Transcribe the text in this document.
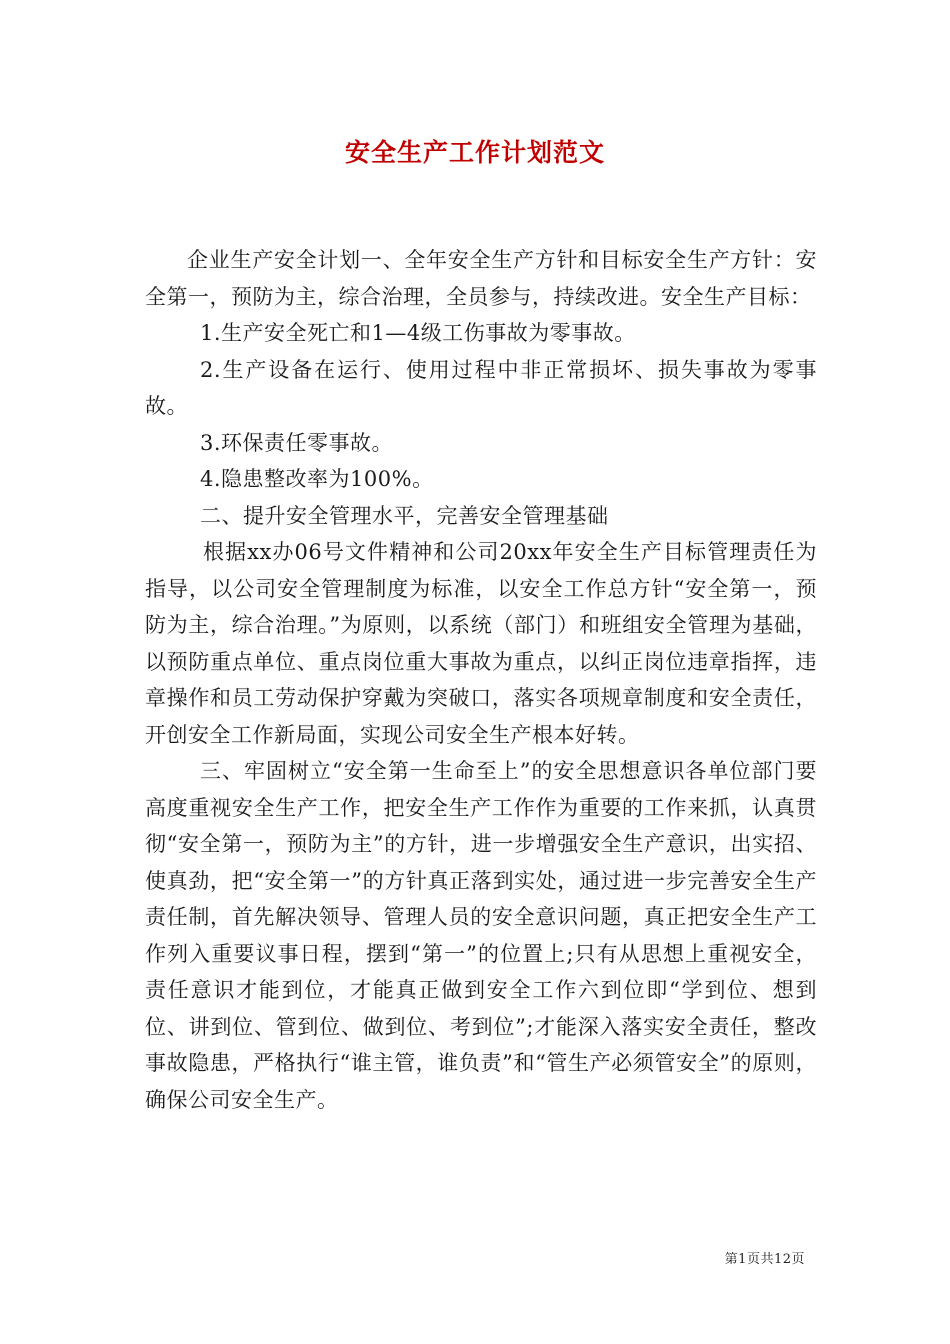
安全生产工作计划范文

企业生产安全计划一、全年安全生产方针和目标安全生产方针：安全第一，预防为主，综合治理，全员参与，持续改进。安全生产目标：

1.生产安全死亡和1—4级工伤事故为零事故。

2.生产设备在运行、使用过程中非正常损坏、损失事故为零事故。

3.环保责任零事故。

4.隐患整改率为100%。

二、提升安全管理水平，完善安全管理基础

根据xx办06号文件精神和公司20xx年安全生产目标管理责任为指导，以公司安全管理制度为标准，以安全工作总方针“安全第一，预防为主，综合治理。”为原则，以系统（部门）和班组安全管理为基础，以预防重点单位、重点岗位重大事故为重点，以纠正岗位违章指挥，违章操作和员工劳动保护穿戴为突破口，落实各项规章制度和安全责任，开创安全工作新局面，实现公司安全生产根本好转。

三、牢固树立“安全第一生命至上”的安全思想意识各单位部门要高度重视安全生产工作，把安全生产工作作为重要的工作来抓，认真贯彻“安全第一，预防为主”的方针，进一步增强安全生产意识，出实招、使真劲，把“安全第一”的方针真正落到实处，通过进一步完善安全生产责任制，首先解决领导、管理人员的安全意识问题，真正把安全生产工作列入重要议事日程，摆到“第一”的位置上;只有从思想上重视安全，责任意识才能到位，才能真正做到安全工作六到位即“学到位、想到位、讲到位、管到位、做到位、考到位”;才能深入落实安全责任，整改事故隐患，严格执行“谁主管，谁负责”和“管生产必须管安全”的原则，确保公司安全生产。

第1页共12页
